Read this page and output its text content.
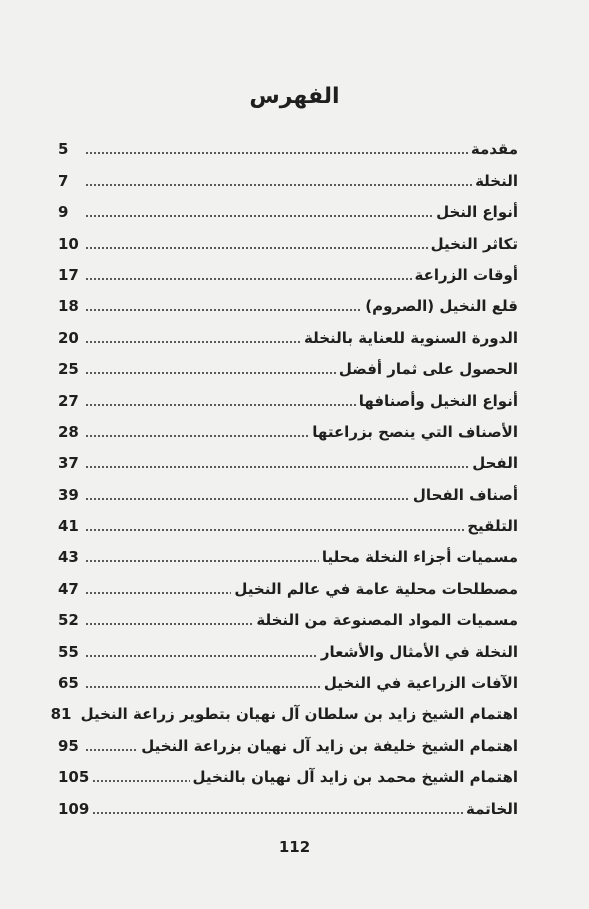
الفهرس
مقدمة
5
النخلة
7
أنواع النخل
9
تكاثر النخيل
10
أوقات الزراعة
17
قلع النخيل (الصروم)
18
الدورة السنوية للعناية بالنخلة
20
الحصول على ثمار أفضل
25
أنواع النخيل وأصنافها
27
الأصناف التي ينصح بزراعتها
28
الفحل
37
أصناف الفحال
39
التلقيح
41
مسميات أجزاء النخلة محليا
43
مصطلحات محلية عامة في عالم النخيل
47
مسميات المواد المصنوعة من النخلة
52
النخلة في الأمثال والأشعار
55
الآفات الزراعية في النخيل
65
اهتمام الشيخ زايد بن سلطان آل نهيان بتطوير زراعة النخيل
81
اهتمام الشيخ خليفة بن زايد آل نهيان بزراعة النخيل
95
اهتمام الشيخ محمد بن زايد آل نهيان بالنخيل
105
الخاتمة
109
112
